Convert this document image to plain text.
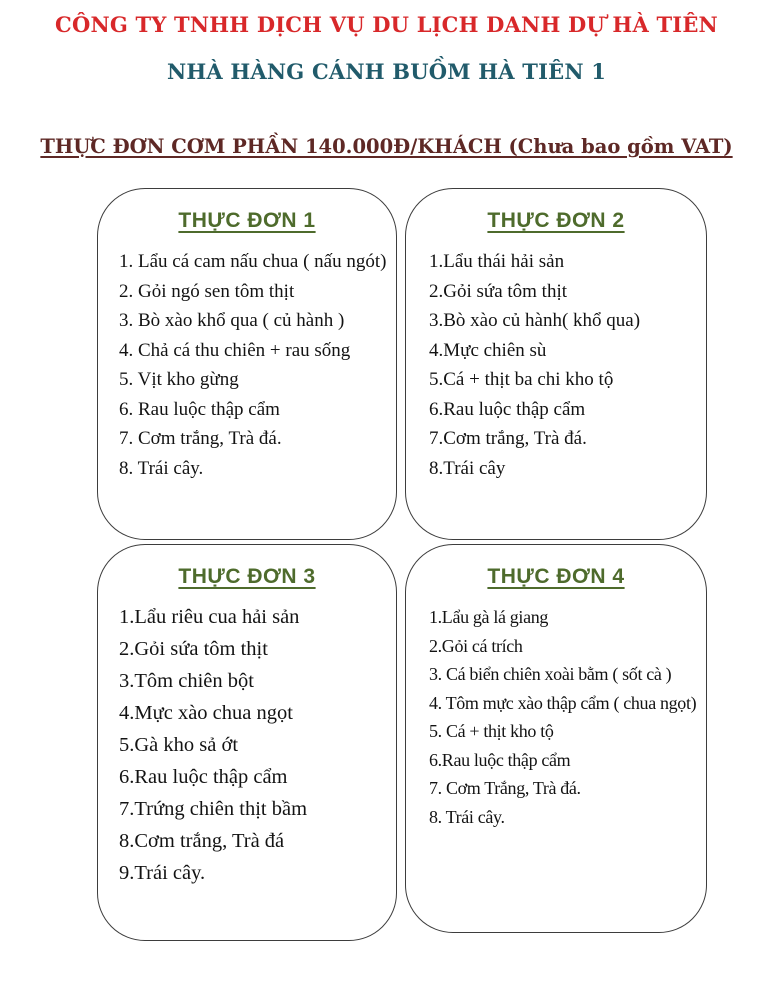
CÔNG TY TNHH DỊCH VỤ DU LỊCH DANH DỰ HÀ TIÊN
NHÀ HÀNG CÁNH BUỒM HÀ TIÊN 1
THỰC ĐƠN CƠM PHẦN 140.000Đ/KHÁCH (Chưa bao gồm VAT)
THỰC ĐƠN 1
1. Lẩu cá cam nấu chua ( nấu ngót)
2. Gỏi ngó sen tôm thịt
3. Bò xào khổ qua ( củ hành )
4. Chả cá thu chiên + rau sống
5. Vịt kho gừng
6. Rau luộc thập cẩm
7. Cơm trắng, Trà đá.
8. Trái cây.
THỰC ĐƠN 2
1.Lẩu thái hải sản
2.Gỏi sứa tôm thịt
3.Bò xào củ hành( khổ qua)
4.Mực chiên sù
5.Cá + thịt ba chi kho tộ
6.Rau luộc thập cẩm
7.Cơm trắng, Trà đá.
8.Trái cây
THỰC ĐƠN 3
1.Lẩu riêu cua hải sản
2.Gỏi sứa tôm thịt
3.Tôm chiên bột
4.Mực xào chua ngọt
5.Gà kho sả ớt
6.Rau luộc thập cẩm
7.Trứng chiên thịt bầm
8.Cơm trắng, Trà đá
9.Trái cây.
THỰC ĐƠN 4
1.Lẩu gà lá giang
2.Gỏi cá trích
3. Cá biển chiên xoài bằm ( sốt cà )
4. Tôm mực xào thập cẩm ( chua ngọt)
5. Cá + thịt kho tộ
6.Rau luộc thập cẩm
7. Cơm Trắng, Trà đá.
8. Trái cây.
